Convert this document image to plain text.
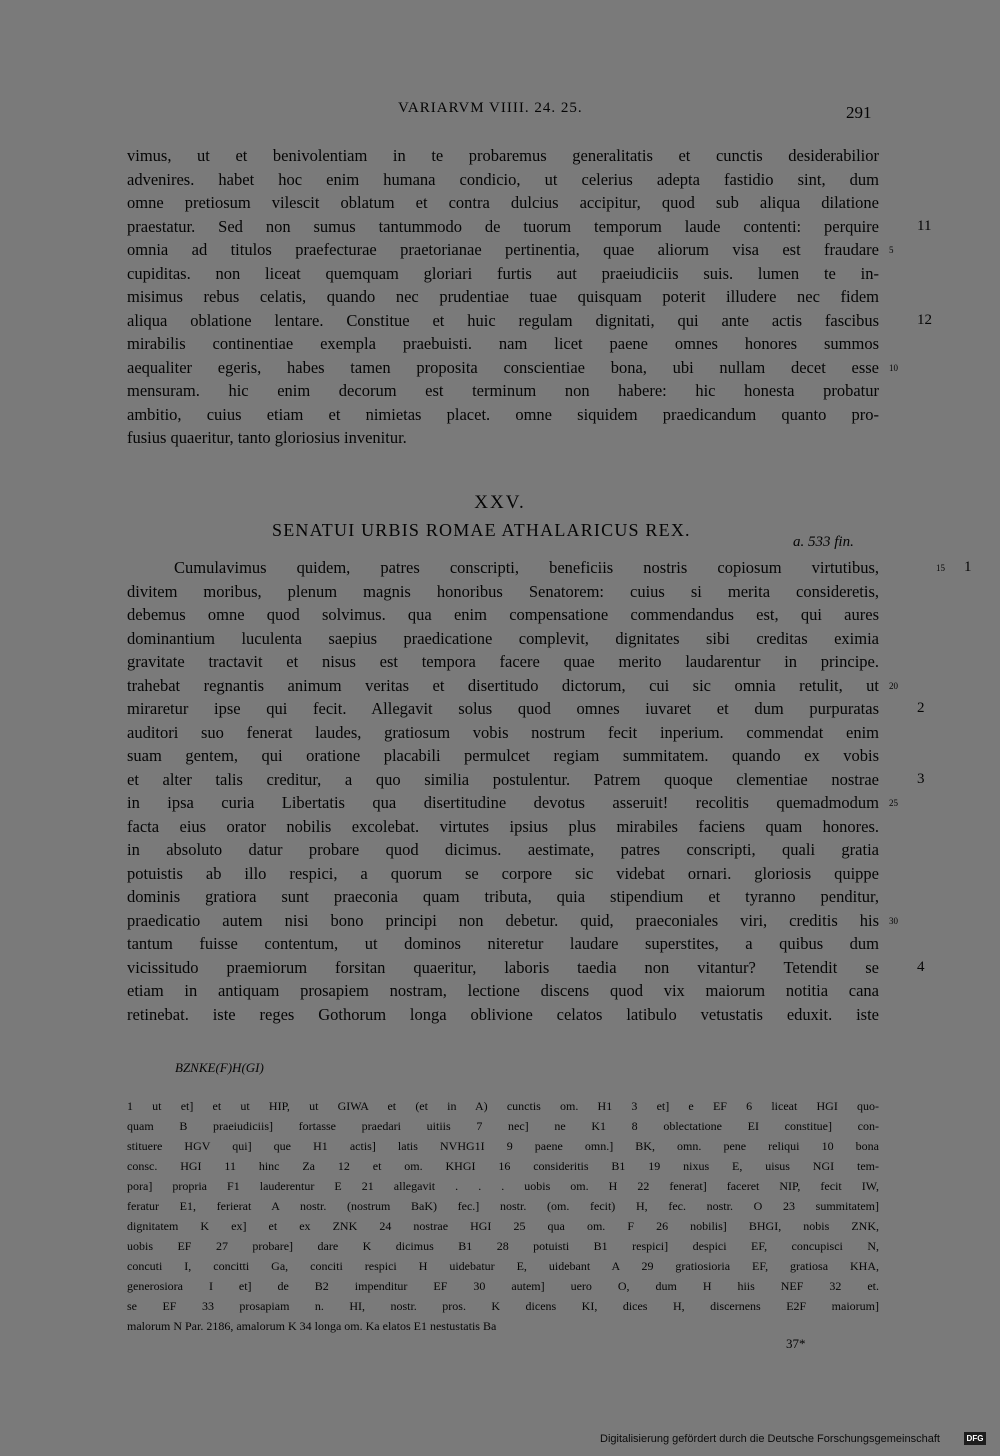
VARIARVM VIIII. 24. 25.	291
vimus, ut et benivolentiam in te probaremus generalitatis et cunctis desiderabilior
advenires. habet hoc enim humana condicio, ut celerius adepta fastidio sint, dum
omne pretiosum vilescit oblatum et contra dulcius accipitur, quod sub aliqua dilatione
praestatur. Sed non sumus tantummodo de tuorum temporum laude contenti: perquire	11
omnia ad titulos praefecturae praetorianae pertinentia, quae aliorum visa est fraudare 5
cupiditas. non liceat quemquam gloriari furtis aut praeiudiciis suis. lumen te in-
misimus rebus celatis, quando nec prudentiae tuae quisquam poterit illudere nec fidem
aliqua oblatione lentare. Constitue et huic regulam dignitati, qui ante actis fascibus	12
mirabilis continentiae exempla praebuisti. nam licet paene omnes honores summos
aequaliter egeris, habes tamen proposita conscientiae bona, ubi nullam decet esse 10
mensuram. hic enim decorum est terminum non habere: hic honesta probatur
ambitio, cuius etiam et nimietas placet. omne siquidem praedicandum quanto pro-
fusius quaeritur, tanto gloriosius invenitur.
XXV.
SENATUI URBIS ROMAE ATHALARICUS REX.
a. 533 fin.
Cumulavimus quidem, patres conscripti, beneficiis nostris copiosum virtutibus,	15	1
divitem moribus, plenum magnis honoribus Senatorem: cuius si merita consideretis,
debemus omne quod solvimus. qua enim compensatione commendandus est, qui aures
dominantium luculenta saepius praedicatione complevit, dignitates sibi creditas eximia
gravitate tractavit et nisus est tempora facere quae merito laudarentur in principe.
trahebat regnantis animum veritas et disertitudo dictorum, cui sic omnia retulit, ut 20
miraretur ipse qui fecit. Allegavit solus quod omnes iuvaret et dum purpuratas	2
auditori suo fenerat laudes, gratiosum vobis nostrum fecit inperium. commendat enim
suam gentem, qui oratione placabili permulcet regiam summitatem. quando ex vobis
et alter talis creditur, a quo similia postulentur. Patrem quoque clementiae nostrae	3
in ipsa curia Libertatis qua disertitudine devotus asseruit! recolitis quemadmodum 25
facta eius orator nobilis excolebat. virtutes ipsius plus mirabiles faciens quam honores.
in absoluto datur probare quod dicimus. aestimate, patres conscripti, quali gratia
potuistis ab illo respici, a quorum se corpore sic videbat ornari. gloriosis quippe
dominis gratiora sunt praeconia quam tributa, quia stipendium et tyranno penditur,
praedicatio autem nisi bono principi non debetur. quid, praeconiales viri, creditis his 30
tantum fuisse contentum, ut dominos niteretur laudare superstites, a quibus dum
vicissitudo praemiorum forsitan quaeritur, laboris taedia non vitantur? Tetendit se	4
etiam in antiquam prosapiem nostram, lectione discens quod vix maiorum notitia cana
retinebat. iste reges Gothorum longa oblivione celatos latibulo vetustatis eduxit. iste
BZNKE(F)H(GI)
1 ut et] et ut HIP, ut GIWA et (et in A) cunctis om. H1 3 et] e EF 6 liceat HGI quo-
quam B praeiudiciis] fortasse praedari uitiis 7 nec] ne K1 8 oblectatione EI constitue] con-
stituere HGV qui] que H1 actis] latis NVHG1I 9 paene omn.] BK, omn. pene reliqui 10 bona
consc. HGI 11 hinc Za 12 et om. KHGI 16 consideritis B1 19 nixus E, uisus NGI tem-
pora] propria F1 lauderentur E 21 allegavit . . . uobis om. H 22 fenerat] faceret NIP, fecit IW,
feratur E1, ferierat A nostr. (nostrum BaK) fec.] nostr. (om. fecit) H, fec. nostr. O 23 summitatem]
dignitatem K ex] et ex ZNK 24 nostrae HGI 25 qua om. F 26 nobilis] BHGI, nobis ZNK,
uobis EF 27 probare] dare K dicimus B1 28 potuisti B1 respici] despici EF, concupisci N,
concuti I, concitti Ga, conciti respici H uidebatur E, uidebant A 29 gratiosioria EF, gratiosa KHA,
generosiora I et] de B2 impenditur EF 30 autem] uero O, dum H hiis NEF 32 et.
se EF 33 prosapiam n. HI, nostr. pros. K dicens KI, dices H, discernens E2F maiorum]
malorum N Par. 2186, amalorum K 34 longa om. Ka elatos E1 nestustatis Ba
37*
Digitalisierung gefördert durch die Deutsche Forschungsgemeinschaft	DFG
